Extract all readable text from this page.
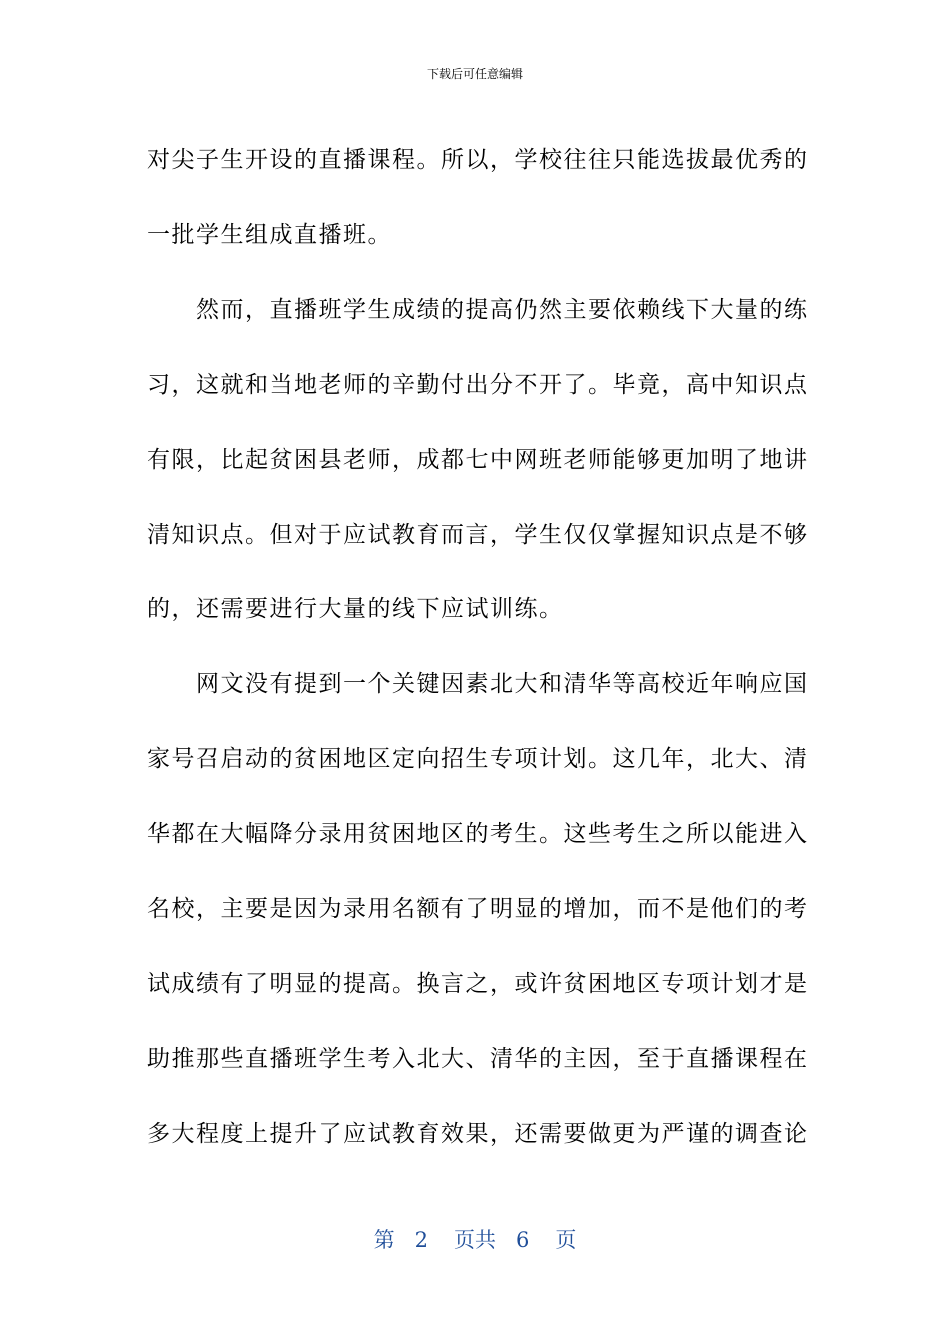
下载后可任意编辑
对尖子生开设的直播课程。所以，学校往往只能选拔最优秀的
一批学生组成直播班。
　　然而，直播班学生成绩的提高仍然主要依赖线下大量的练
习，这就和当地老师的辛勤付出分不开了。毕竟，高中知识点
有限，比起贫困县老师，成都七中网班老师能够更加明了地讲
清知识点。但对于应试教育而言，学生仅仅掌握知识点是不够
的，还需要进行大量的线下应试训练。
　　网文没有提到一个关键因素北大和清华等高校近年响应国
家号召启动的贫困地区定向招生专项计划。这几年，北大、清
华都在大幅降分录用贫困地区的考生。这些考生之所以能进入
名校，主要是因为录用名额有了明显的增加，而不是他们的考
试成绩有了明显的提高。换言之，或许贫困地区专项计划才是
助推那些直播班学生考入北大、清华的主因，至于直播课程在
多大程度上提升了应试教育效果，还需要做更为严谨的调查论
第 2 页共 6 页
